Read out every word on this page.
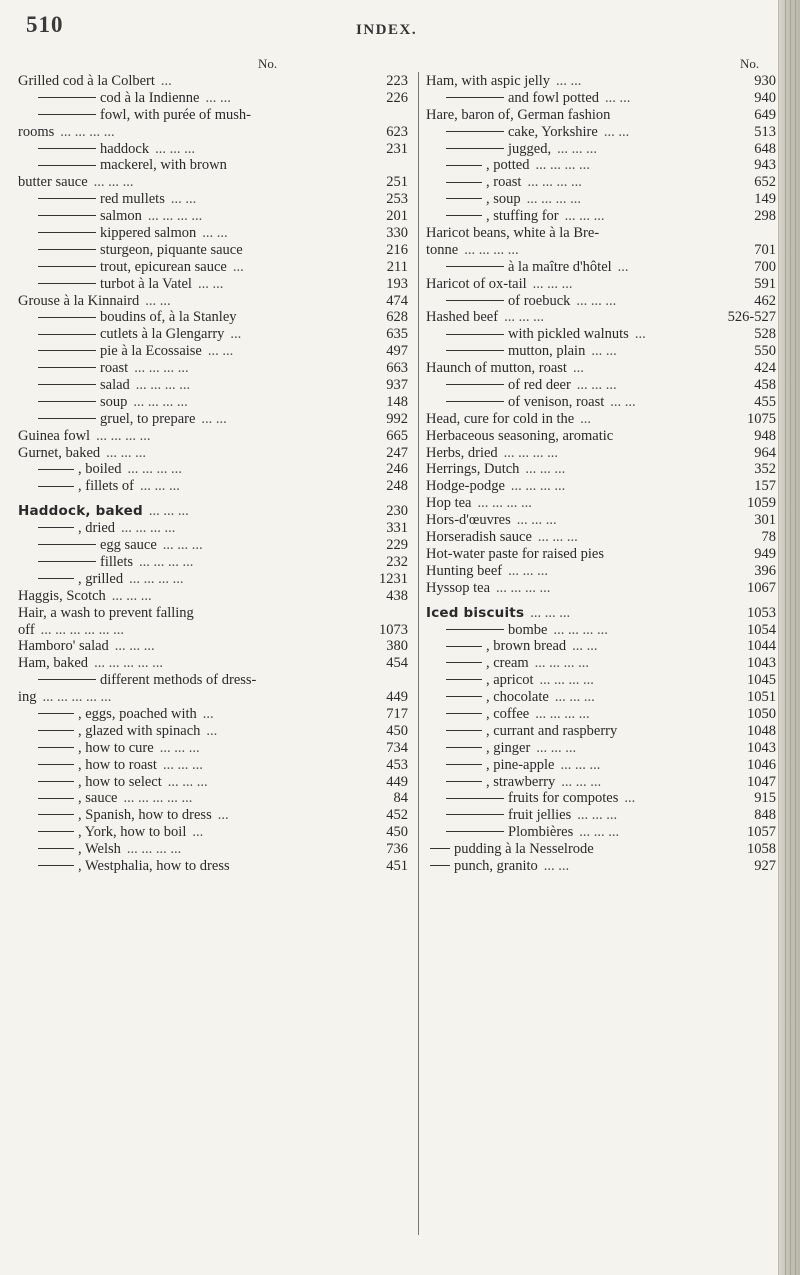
510	INDEX.
No.
Grilled cod à la Colbert ...	223
cod à la Indienne ... ...	226
fowl, with purée of mush-
rooms ... ... ... ...	623
haddock ... ... ...	231
mackerel, with brown
butter sauce ... ... ...	251
red mullets ... ...	253
salmon ... ... ... ...	201
kippered salmon ... ...	330
sturgeon, piquante sauce	216
trout, epicurean sauce ...	211
turbot à la Vatel ... ...	193
Grouse à la Kinnaird ... ...	474
boudins of, à la Stanley	628
cutlets à la Glengarry ...	635
pie à la Ecossaise ... ...	497
roast ... ... ... ...	663
salad ... ... ... ...	937
soup ... ... ... ...	148
gruel, to prepare ... ...	992
Guinea fowl ... ... ... ...	665
Gurnet, baked ... ... ...	247
, boiled ... ... ... ...	246
, fillets of ... ... ...	248
Haddock, baked ... ... ...	230
, dried ... ... ... ...	331
egg sauce ... ... ...	229
fillets ... ... ... ...	232
, grilled ... ... ... ...	1231
Haggis, Scotch ... ... ...	438
Hair, a wash to prevent falling
off ... ... ... ... ... ...	1073
Hamboro' salad ... ... ...	380
Ham, baked ... ... ... ... ...	454
different methods of dress-
ing ... ... ... ... ...	449
, eggs, poached with ...	717
, glazed with spinach ...	450
, how to cure ... ... ...	734
, how to roast ... ... ...	453
, how to select ... ... ...	449
, sauce ... ... ... ... ...	84
, Spanish, how to dress ...	452
, York, how to boil ...	450
, Welsh ... ... ... ...	736
, Westphalia, how to dress	451
No.
Ham, with aspic jelly ... ...	930
and fowl potted ... ...	940
Hare, baron of, German fashion	649
cake, Yorkshire ... ...	513
jugged, ... ... ...	648
, potted ... ... ... ...	943
, roast ... ... ... ...	652
, soup ... ... ... ...	149
, stuffing for ... ... ...	298
Haricot beans, white à la Bre-
tonne ... ... ... ...	701
à la maître d'hôtel ...	700
Haricot of ox-tail ... ... ...	591
of roebuck ... ... ...	462
Hashed beef ... ... ...	526-527
with pickled walnuts ...	528
mutton, plain ... ...	550
Haunch of mutton, roast ...	424
of red deer ... ... ...	458
of venison, roast ... ...	455
Head, cure for cold in the ...	1075
Herbaceous seasoning, aromatic	948
Herbs, dried ... ... ... ...	964
Herrings, Dutch ... ... ...	352
Hodge-podge ... ... ... ...	157
Hop tea ... ... ... ...	1059
Hors-d'œuvres ... ... ...	301
Horseradish sauce ... ... ...	78
Hot-water paste for raised pies	949
Hunting beef ... ... ...	396
Hyssop tea ... ... ... ...	1067
Iced biscuits ... ... ...	1053
bombe ... ... ... ...	1054
, brown bread ... ...	1044
, cream ... ... ... ...	1043
, apricot ... ... ... ...	1045
, chocolate ... ... ...	1051
, coffee ... ... ... ...	1050
, currant and raspberry	1048
, ginger ... ... ...	1043
, pine-apple ... ... ...	1046
, strawberry ... ... ...	1047
fruits for compotes ...	915
fruit jellies ... ... ...	848
Plombières ... ... ...	1057
pudding à la Nesselrode	1058
punch, granito ... ...	927
